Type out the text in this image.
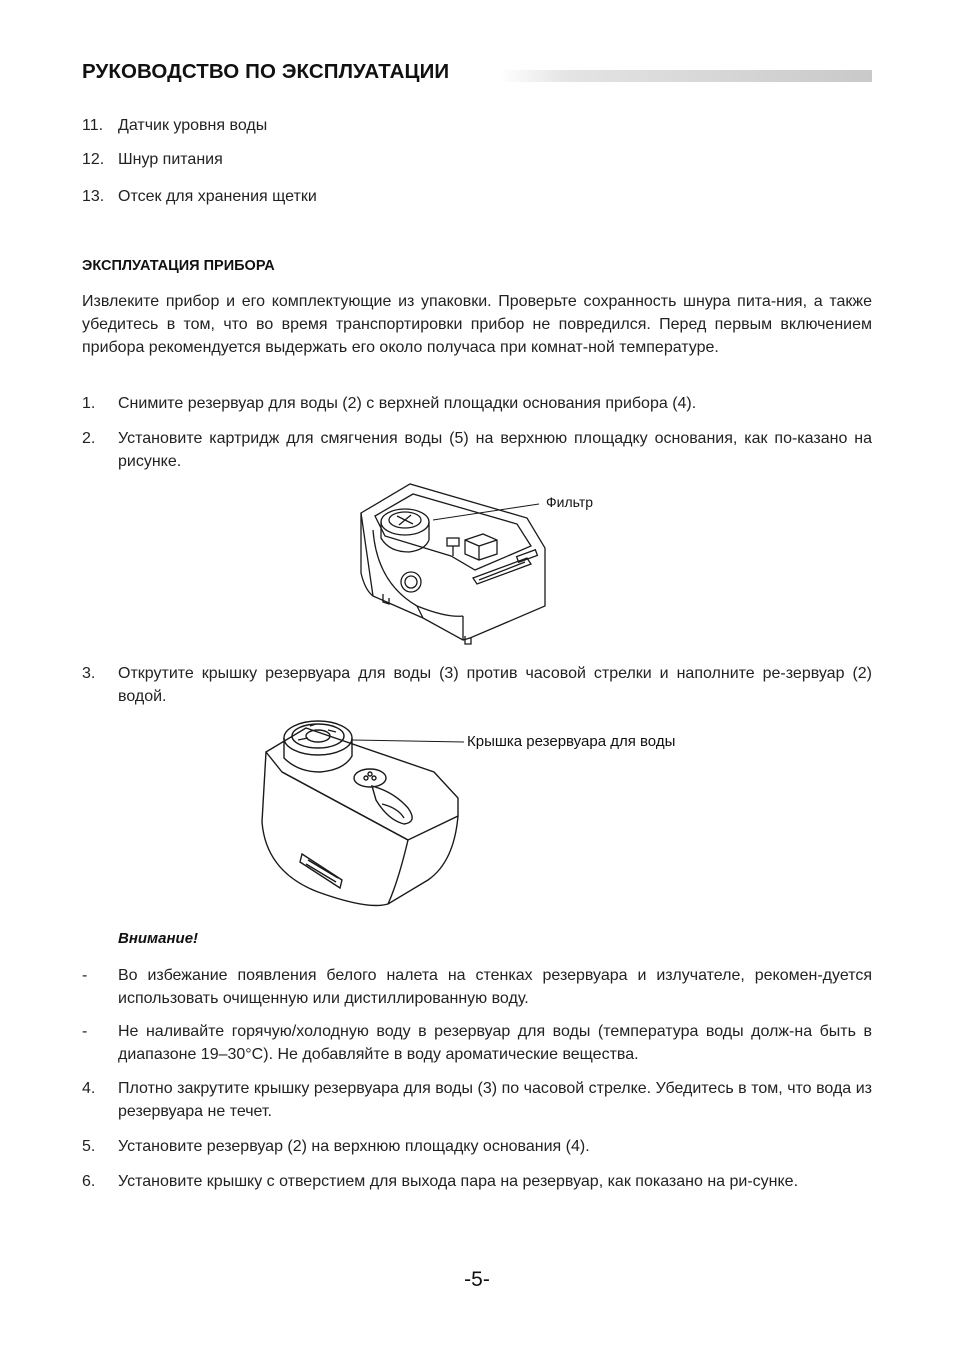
РУКОВОДСТВО ПО ЭКСПЛУАТАЦИИ
11. Датчик уровня воды
12. Шнур питания
13. Отсек для хранения щетки
ЭКСПЛУАТАЦИЯ ПРИБОРА
Извлеките прибор и его комплектующие из упаковки. Проверьте сохранность шнура пита-ния, а также убедитесь в том, что во время транспортировки прибор не повредился. Перед первым включением прибора рекомендуется выдержать его около получаса при комнат-ной температуре.
1. Снимите резервуар для воды (2) с верхней площадки основания прибора (4).
2. Установите картридж для смягчения воды (5) на верхнюю площадку основания, как по-казано на рисунке.
Фильтр
3. Открутите крышку резервуара для воды (3) против часовой стрелки и наполните ре-зервуар (2) водой.
Крышка резервуара для воды
Внимание!
- Во избежание появления белого налета на стенках резервуара и излучателе, рекомен-дуется использовать очищенную или дистиллированную воду.
- Не наливайте горячую/холодную воду в резервуар для воды (температура воды долж-на быть в диапазоне 19–30°C). Не добавляйте в воду ароматические вещества.
4. Плотно закрутите крышку резервуара для воды (3) по часовой стрелке. Убедитесь в том, что вода из резервуара не течет.
5. Установите резервуар (2) на верхнюю площадку основания (4).
6. Установите крышку с отверстием для выхода пара на резервуар, как показано на ри-сунке.
-5-
